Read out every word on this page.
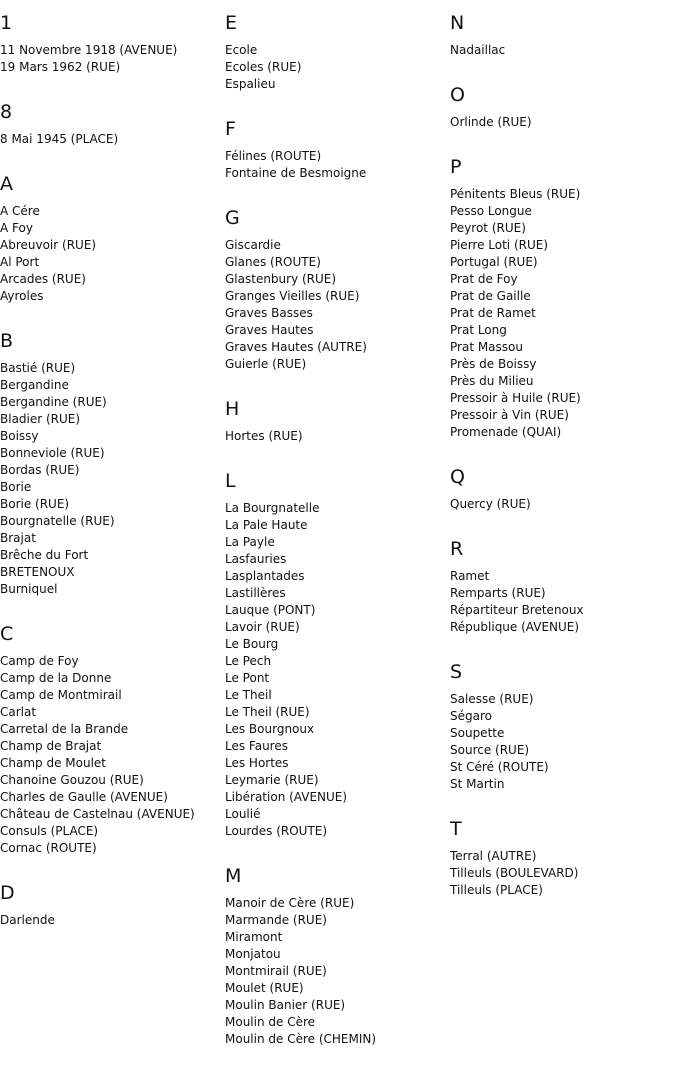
1
11 Novembre 1918 (AVENUE)
19 Mars 1962 (RUE)
8
8 Mai 1945 (PLACE)
A
A Cére
A Foy
Abreuvoir (RUE)
Al Port
Arcades (RUE)
Ayroles
B
Bastié (RUE)
Bergandine
Bergandine (RUE)
Bladier (RUE)
Boissy
Bonneviole (RUE)
Bordas (RUE)
Borie
Borie (RUE)
Bourgnatelle (RUE)
Brajat
Brêche du Fort
BRETENOUX
Burniquel
C
Camp de Foy
Camp de la Donne
Camp de Montmirail
Carlat
Carretal de la Brande
Champ de Brajat
Champ de Moulet
Chanoine Gouzou (RUE)
Charles de Gaulle (AVENUE)
Château de Castelnau (AVENUE)
Consuls (PLACE)
Cornac (ROUTE)
D
Darlende
E
Ecole
Ecoles (RUE)
Espalieu
F
Félines (ROUTE)
Fontaine de Besmoigne
G
Giscardie
Glanes (ROUTE)
Glastenbury (RUE)
Granges Vieilles (RUE)
Graves Basses
Graves Hautes
Graves Hautes (AUTRE)
Guierle (RUE)
H
Hortes (RUE)
L
La Bourgnatelle
La Pale Haute
La Payle
Lasfauries
Lasplantades
Lastillères
Lauque (PONT)
Lavoir (RUE)
Le Bourg
Le Pech
Le Pont
Le Theil
Le Theil (RUE)
Les Bourgnoux
Les Faures
Les Hortes
Leymarie (RUE)
Libération (AVENUE)
Loulié
Lourdes (ROUTE)
M
Manoir de Cère (RUE)
Marmande (RUE)
Miramont
Monjatou
Montmirail (RUE)
Moulet (RUE)
Moulin Banier (RUE)
Moulin de Cère
Moulin de Cère (CHEMIN)
N
Nadaillac
O
Orlinde (RUE)
P
Pénitents Bleus (RUE)
Pesso Longue
Peyrot (RUE)
Pierre Loti (RUE)
Portugal (RUE)
Prat de Foy
Prat de Gaille
Prat de Ramet
Prat Long
Prat Massou
Près de Boissy
Près du Milieu
Pressoir à Huile (RUE)
Pressoir à Vin (RUE)
Promenade (QUAI)
Q
Quercy (RUE)
R
Ramet
Remparts (RUE)
Répartiteur Bretenoux
République (AVENUE)
S
Salesse (RUE)
Ségaro
Soupette
Source (RUE)
St Céré (ROUTE)
St Martin
T
Terral (AUTRE)
Tilleuls (BOULEVARD)
Tilleuls (PLACE)
